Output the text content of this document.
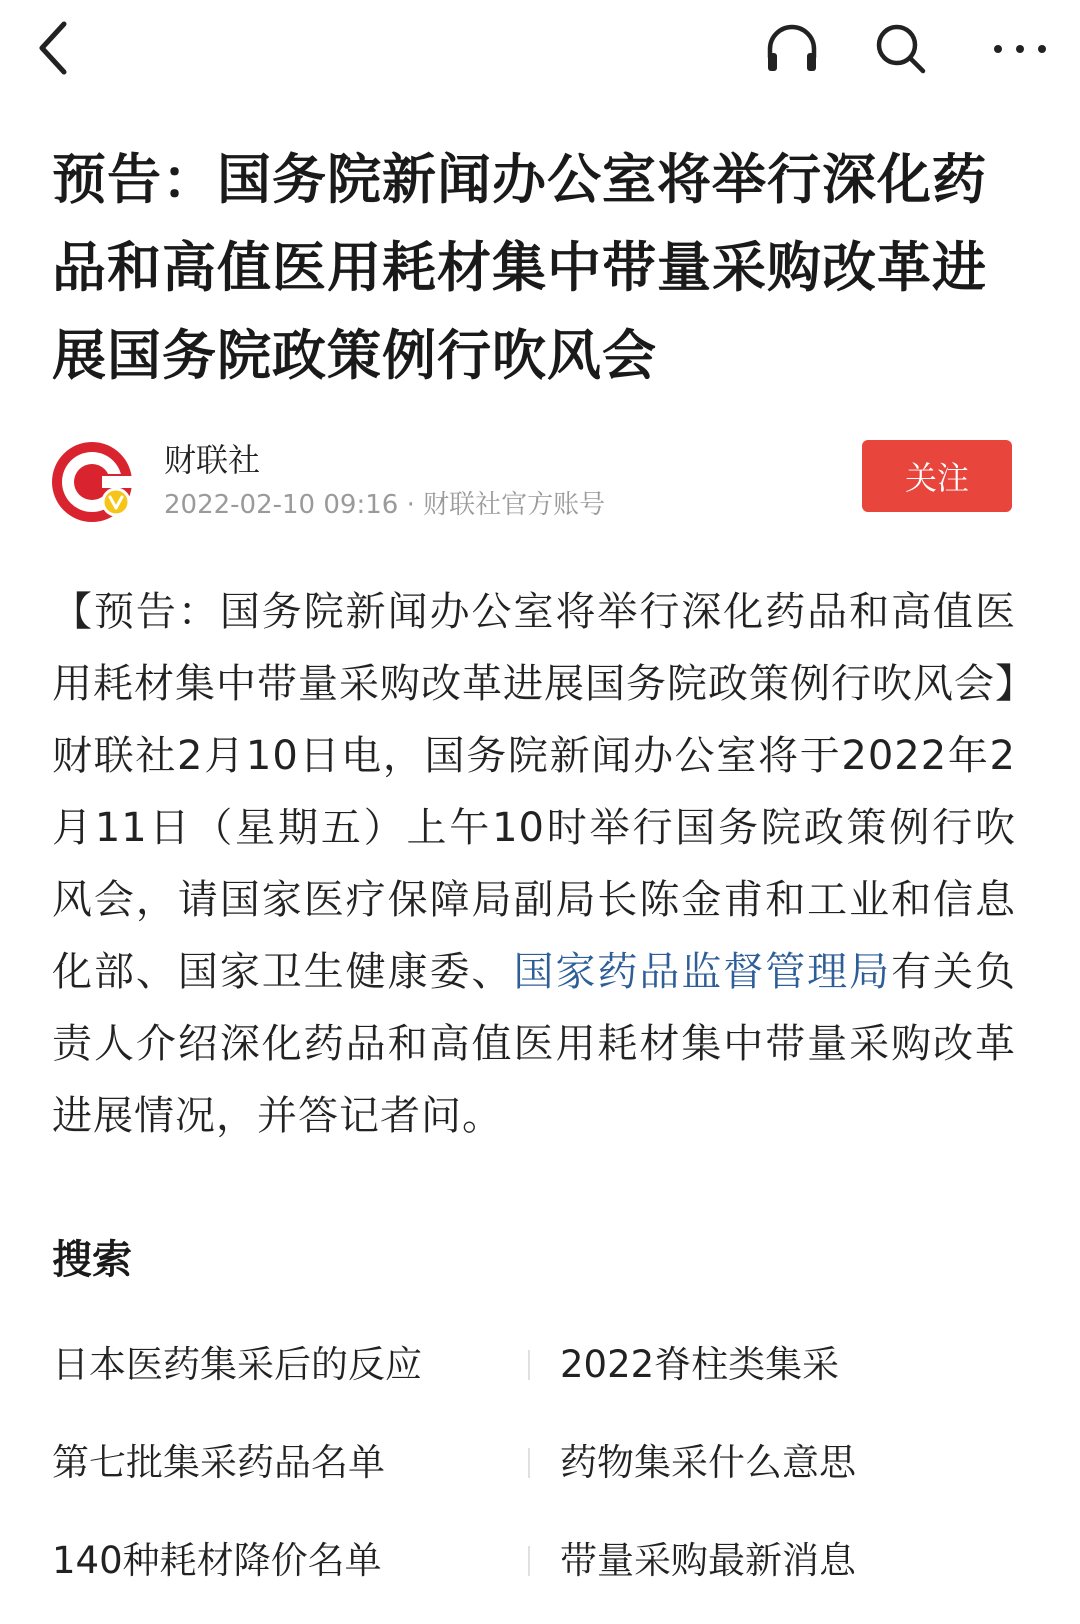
预告：国务院新闻办公室将举行深化药品和高值医用耗材集中带量采购改革进展国务院政策例行吹风会
财联社
2022-02-10 09:16 · 财联社官方账号
关注

【预告：国务院新闻办公室将举行深化药品和高值医用耗材集中带量采购改革进展国务院政策例行吹风会】财联社2月10日电，国务院新闻办公室将于2022年2月11日（星期五）上午10时举行国务院政策例行吹风会，请国家医疗保障局副局长陈金甫和工业和信息化部、国家卫生健康委、国家药品监督管理局有关负责人介绍深化药品和高值医用耗材集中带量采购改革进展情况，并答记者问。

搜索
日本医药集采后的反应	2022脊柱类集采
第七批集采药品名单	药物集采什么意思
140种耗材降价名单	带量采购最新消息
